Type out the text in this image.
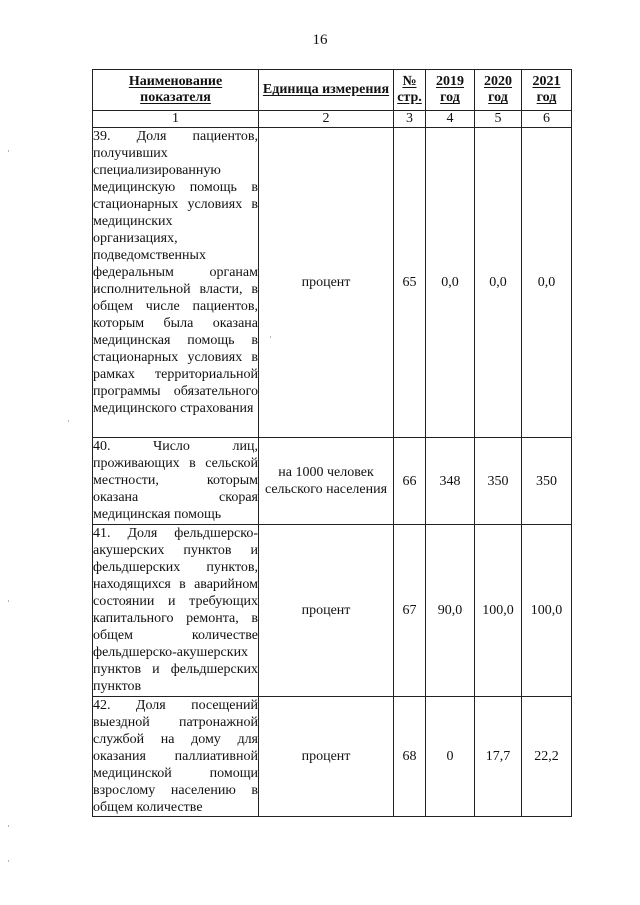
16
Наименование показателя	Единица измерения	№ стр.	2019 год	2020 год	2021 год
1	2	3	4	5	6

39. Доля пациентов, получивших специализированную медицинскую помощь в стационарных условиях в медицинских организациях, подведомственных федеральным органам исполнительной власти, в общем числе пациентов, которым была оказана медицинская помощь в стационарных условиях в рамках территориальной программы обязательного медицинского страхования	процент	65	0,0	0,0	0,0

40. Число лиц, проживающих в сельской местности, которым оказана скорая медицинская помощь	на 1000 человек сельского населения	66	348	350	350

41. Доля фельдшерско-акушерских пунктов и фельдшерских пунктов, находящихся в аварийном состоянии и требующих капитального ремонта, в общем количестве фельдшерско-акушерских пунктов и фельдшерских пунктов	процент	67	90,0	100,0	100,0

42. Доля посещений выездной патронажной службой на дому для оказания паллиативной медицинской помощи взрослому населению в общем количестве	процент	68	0	17,7	22,2
